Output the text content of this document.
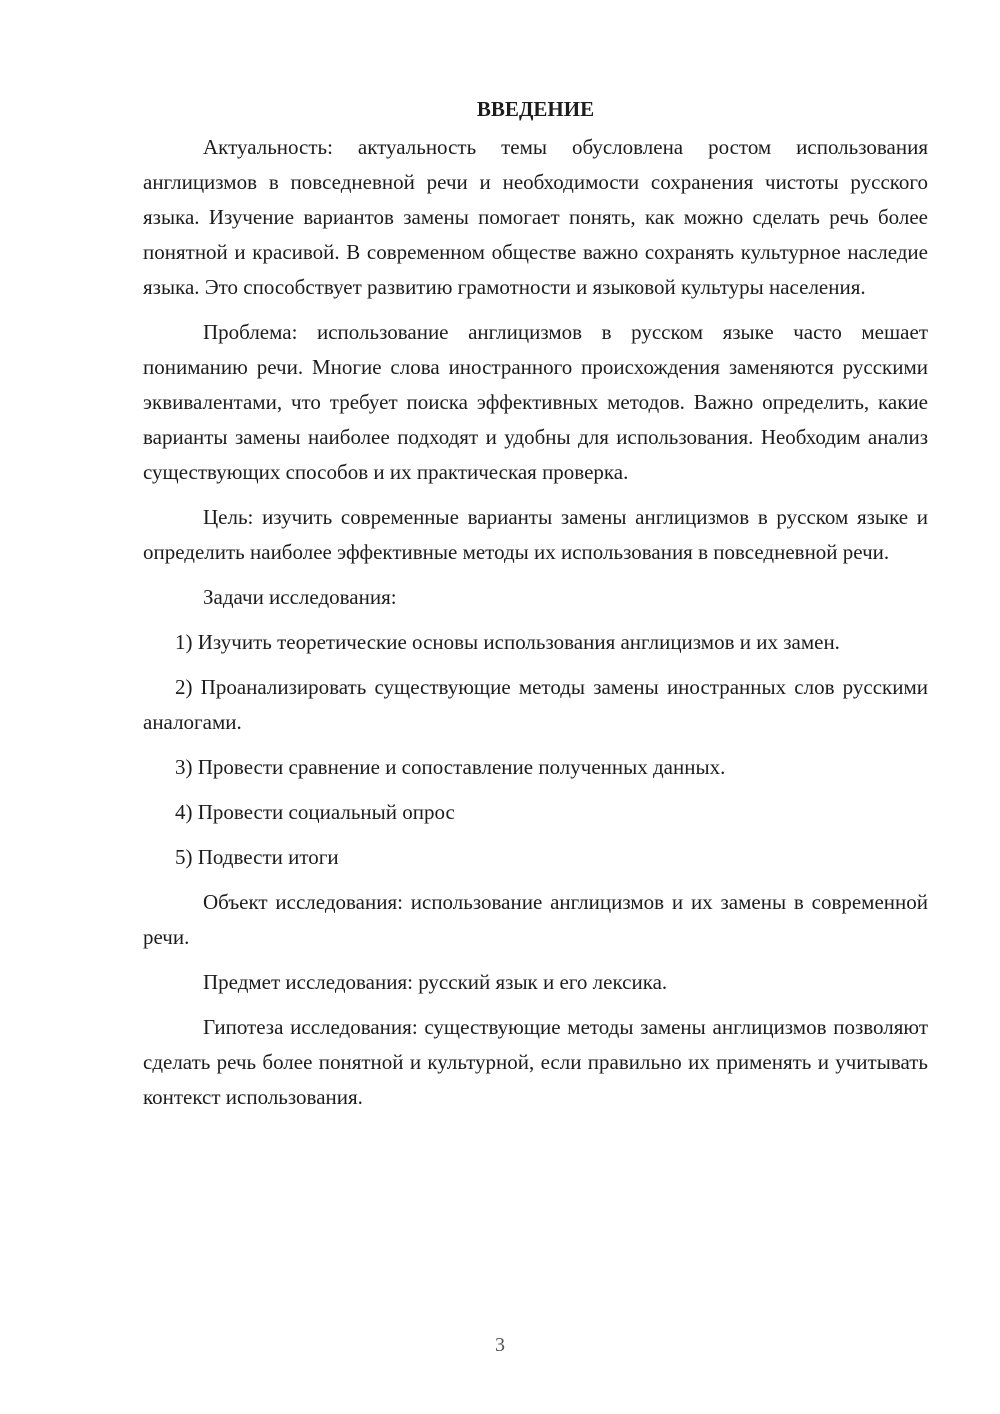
ВВЕДЕНИЕ

Актуальность: актуальность темы обусловлена ростом использования англицизмов в повседневной речи и необходимости сохранения чистоты русского языка. Изучение вариантов замены помогает понять, как можно сделать речь более понятной и красивой. В современном обществе важно сохранять культурное наследие языка. Это способствует развитию грамотности и языковой культуры населения.

Проблема: использование англицизмов в русском языке часто мешает пониманию речи. Многие слова иностранного происхождения заменяются русскими эквивалентами, что требует поиска эффективных методов. Важно определить, какие варианты замены наиболее подходят и удобны для использования. Необходим анализ существующих способов и их практическая проверка.

Цель: изучить современные варианты замены англицизмов в русском языке и определить наиболее эффективные методы их использования в повседневной речи.

Задачи исследования:

1) Изучить теоретические основы использования англицизмов и их замен.

2) Проанализировать существующие методы замены иностранных слов русскими аналогами.

3) Провести сравнение и сопоставление полученных данных.

4) Провести социальный опрос

5) Подвести итоги

Объект исследования: использование англицизмов и их замены в современной речи.

Предмет исследования: русский язык и его лексика.

Гипотеза исследования: существующие методы замены англицизмов позволяют сделать речь более понятной и культурной, если правильно их применять и учитывать контекст использования.

3
